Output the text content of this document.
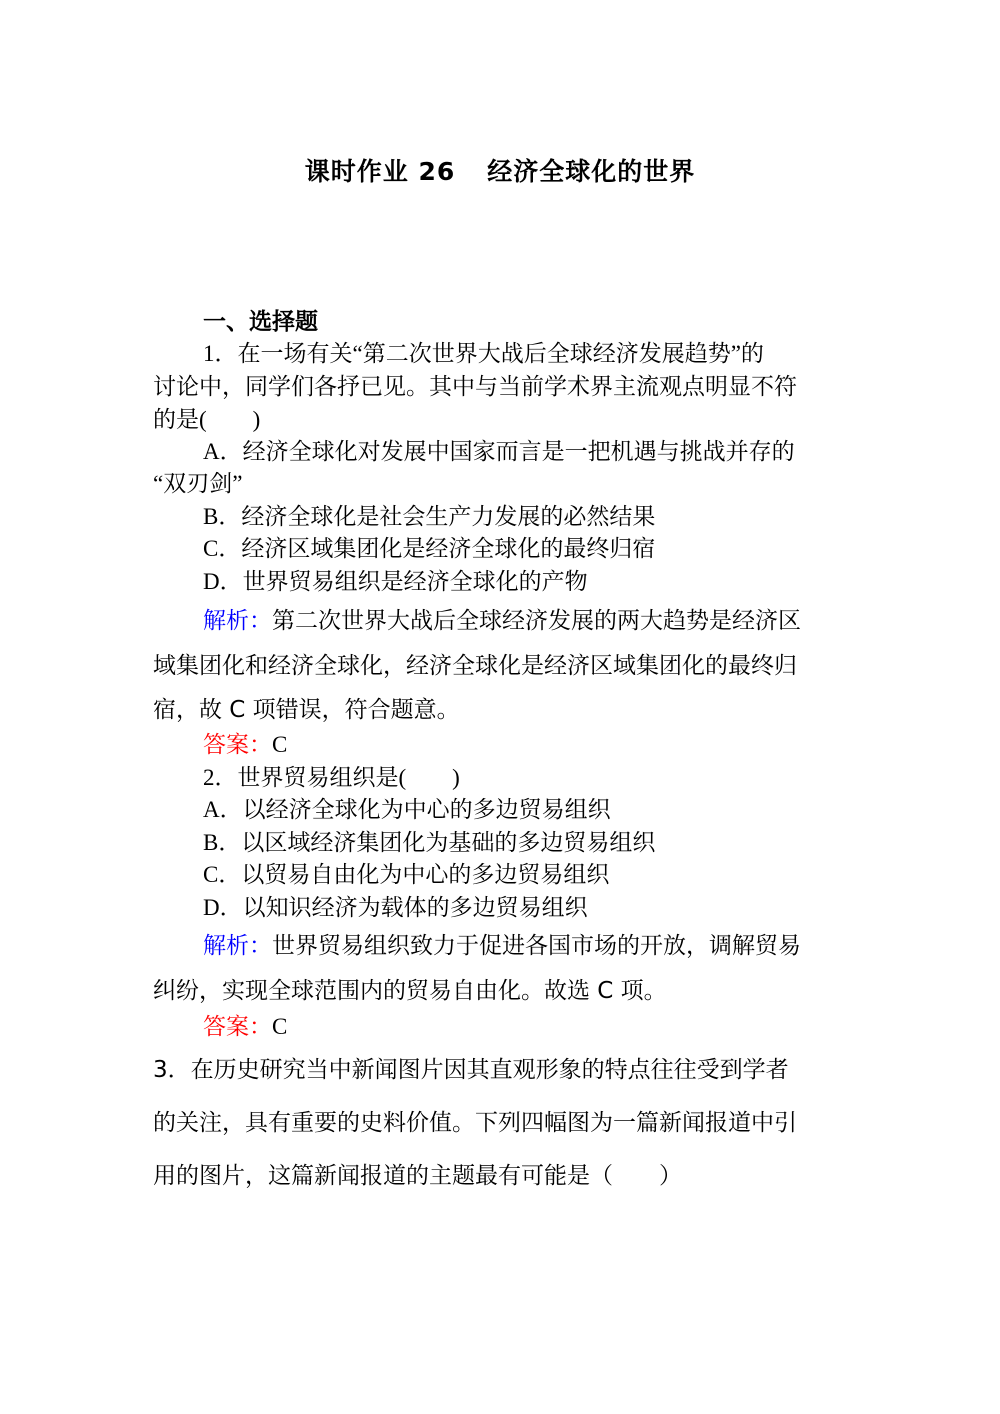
课时作业 26 经济全球化的世界
一、选择题
1．在一场有关“第二次世界大战后全球经济发展趋势”的
讨论中，同学们各抒已见。其中与当前学术界主流观点明显不符
的是(　　)
A．经济全球化对发展中国家而言是一把机遇与挑战并存的
“双刃剑”
B．经济全球化是社会生产力发展的必然结果
C．经济区域集团化是经济全球化的最终归宿
D．世界贸易组织是经济全球化的产物
解析：第二次世界大战后全球经济发展的两大趋势是经济区
域集团化和经济全球化，经济全球化是经济区域集团化的最终归
宿，故 C 项错误，符合题意。
答案：C
2．世界贸易组织是(　　)
A．以经济全球化为中心的多边贸易组织
B．以区域经济集团化为基础的多边贸易组织
C．以贸易自由化为中心的多边贸易组织
D．以知识经济为载体的多边贸易组织
解析：世界贸易组织致力于促进各国市场的开放，调解贸易
纠纷，实现全球范围内的贸易自由化。故选 C 项。
答案：C
3．在历史研究当中新闻图片因其直观形象的特点往往受到学者
的关注，具有重要的史料价值。下列四幅图为一篇新闻报道中引
用的图片，这篇新闻报道的主题最有可能是（　　）
